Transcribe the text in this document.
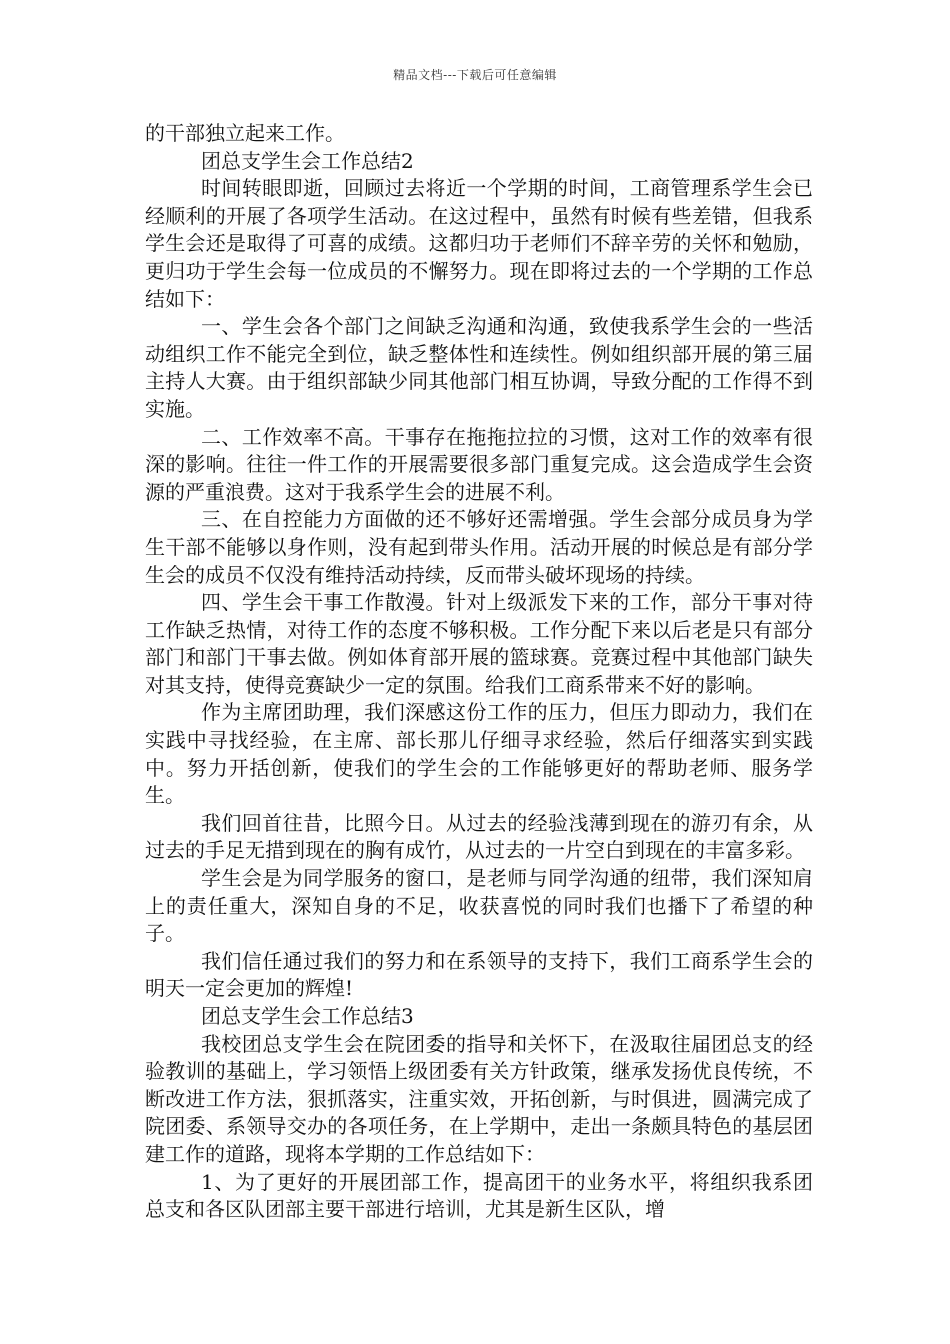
精品文档---下载后可任意编辑

的干部独立起来工作。

团总支学生会工作总结2

时间转眼即逝，回顾过去将近一个学期的时间，工商管理系学生会已经顺利的开展了各项学生活动。在这过程中，虽然有时候有些差错，但我系学生会还是取得了可喜的成绩。这都归功于老师们不辞辛劳的关怀和勉励，更归功于学生会每一位成员的不懈努力。现在即将过去的一个学期的工作总结如下：

一、学生会各个部门之间缺乏沟通和沟通，致使我系学生会的一些活动组织工作不能完全到位，缺乏整体性和连续性。例如组织部开展的第三届主持人大赛。由于组织部缺少同其他部门相互协调，导致分配的工作得不到实施。

二、工作效率不高。干事存在拖拖拉拉的习惯，这对工作的效率有很深的影响。往往一件工作的开展需要很多部门重复完成。这会造成学生会资源的严重浪费。这对于我系学生会的进展不利。

三、在自控能力方面做的还不够好还需增强。学生会部分成员身为学生干部不能够以身作则，没有起到带头作用。活动开展的时候总是有部分学生会的成员不仅没有维持活动持续，反而带头破坏现场的持续。

四、学生会干事工作散漫。针对上级派发下来的工作，部分干事对待工作缺乏热情，对待工作的态度不够积极。工作分配下来以后老是只有部分部门和部门干事去做。例如体育部开展的篮球赛。竞赛过程中其他部门缺失对其支持，使得竞赛缺少一定的氛围。给我们工商系带来不好的影响。

作为主席团助理，我们深感这份工作的压力，但压力即动力，我们在实践中寻找经验，在主席、部长那儿仔细寻求经验，然后仔细落实到实践中。努力开括创新，使我们的学生会的工作能够更好的帮助老师、服务学生。

我们回首往昔，比照今日。从过去的经验浅薄到现在的游刃有余，从过去的手足无措到现在的胸有成竹，从过去的一片空白到现在的丰富多彩。

学生会是为同学服务的窗口，是老师与同学沟通的纽带，我们深知肩上的责任重大，深知自身的不足，收获喜悦的同时我们也播下了希望的种子。

我们信任通过我们的努力和在系领导的支持下，我们工商系学生会的明天一定会更加的辉煌!

团总支学生会工作总结3

我校团总支学生会在院团委的指导和关怀下，在汲取往届团总支的经验教训的基础上，学习领悟上级团委有关方针政策，继承发扬优良传统，不断改进工作方法，狠抓落实，注重实效，开拓创新，与时俱进，圆满完成了院团委、系领导交办的各项任务，在上学期中，走出一条颇具特色的基层团建工作的道路，现将本学期的工作总结如下：

1、为了更好的开展团部工作，提高团干的业务水平，将组织我系团总支和各区队团部主要干部进行培训，尤其是新生区队，增
